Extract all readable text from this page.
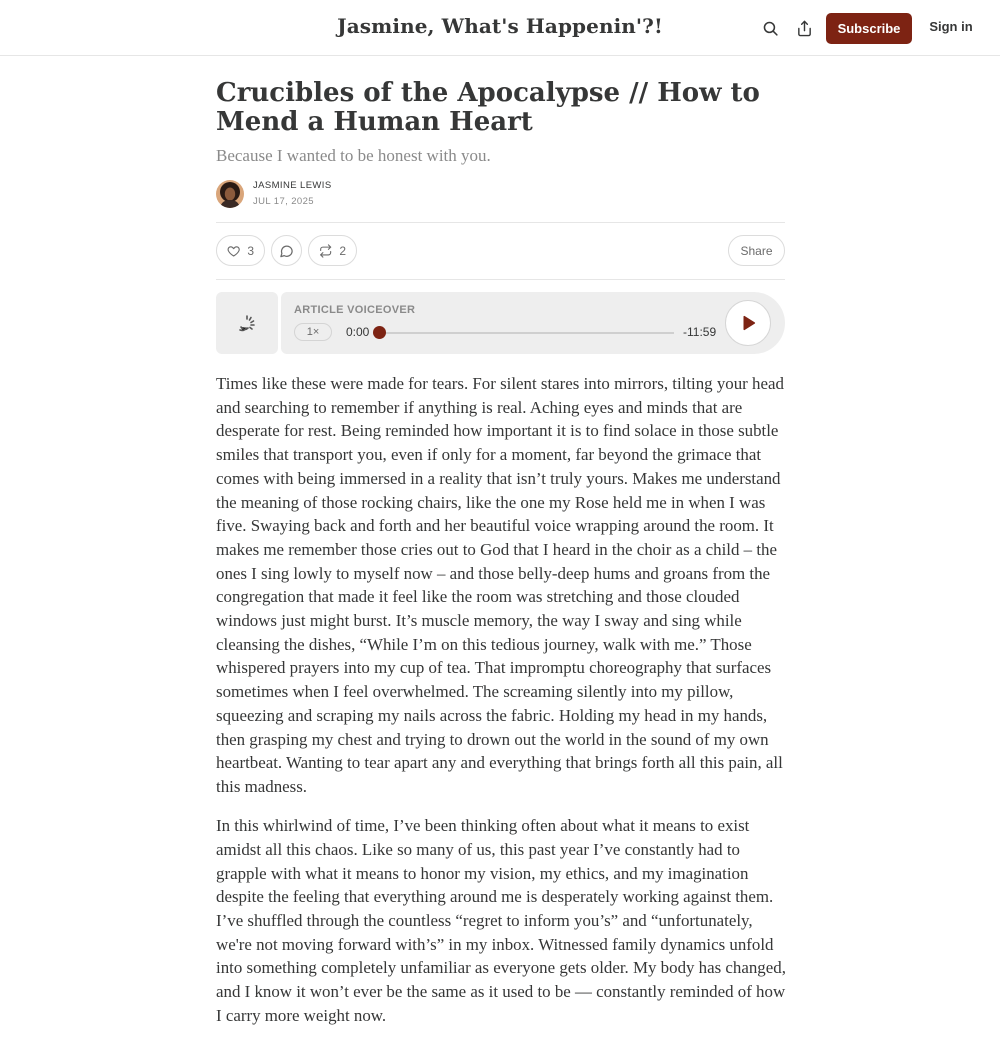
Jasmine, What's Happenin'?!	Subscribe	Sign in
Crucibles of the Apocalypse // How to Mend a Human Heart
Because I wanted to be honest with you.
JASMINE LEWIS
JUL 17, 2025
3	2	Share
ARTICLE VOICEOVER
1×	0:00	-11:59

Times like these were made for tears. For silent stares into mirrors, tilting your head and searching to remember if anything is real. Aching eyes and minds that are desperate for rest. Being reminded how important it is to find solace in those subtle smiles that transport you, even if only for a moment, far beyond the grimace that comes with being immersed in a reality that isn’t truly yours. Makes me understand the meaning of those rocking chairs, like the one my Rose held me in when I was five. Swaying back and forth and her beautiful voice wrapping around the room. It makes me remember those cries out to God that I heard in the choir as a child – the ones I sing lowly to myself now – and those belly-deep hums and groans from the congregation that made it feel like the room was stretching and those clouded windows just might burst. It’s muscle memory, the way I sway and sing while cleansing the dishes, “While I’m on this tedious journey, walk with me.” Those whispered prayers into my cup of tea. That impromptu choreography that surfaces sometimes when I feel overwhelmed. The screaming silently into my pillow, squeezing and scraping my nails across the fabric. Holding my head in my hands, then grasping my chest and trying to drown out the world in the sound of my own heartbeat. Wanting to tear apart any and everything that brings forth all this pain, all this madness.

In this whirlwind of time, I’ve been thinking often about what it means to exist amidst all this chaos. Like so many of us, this past year I’ve constantly had to grapple with what it means to honor my vision, my ethics, and my imagination despite the feeling that everything around me is desperately working against them. I’ve shuffled through the countless “regret to inform you’s” and “unfortunately, we're not moving forward with’s” in my inbox. Witnessed family dynamics unfold into something completely unfamiliar as everyone gets older. My body has changed, and I know it won’t ever be the same as it used to be — constantly reminded of how I carry more weight now.
